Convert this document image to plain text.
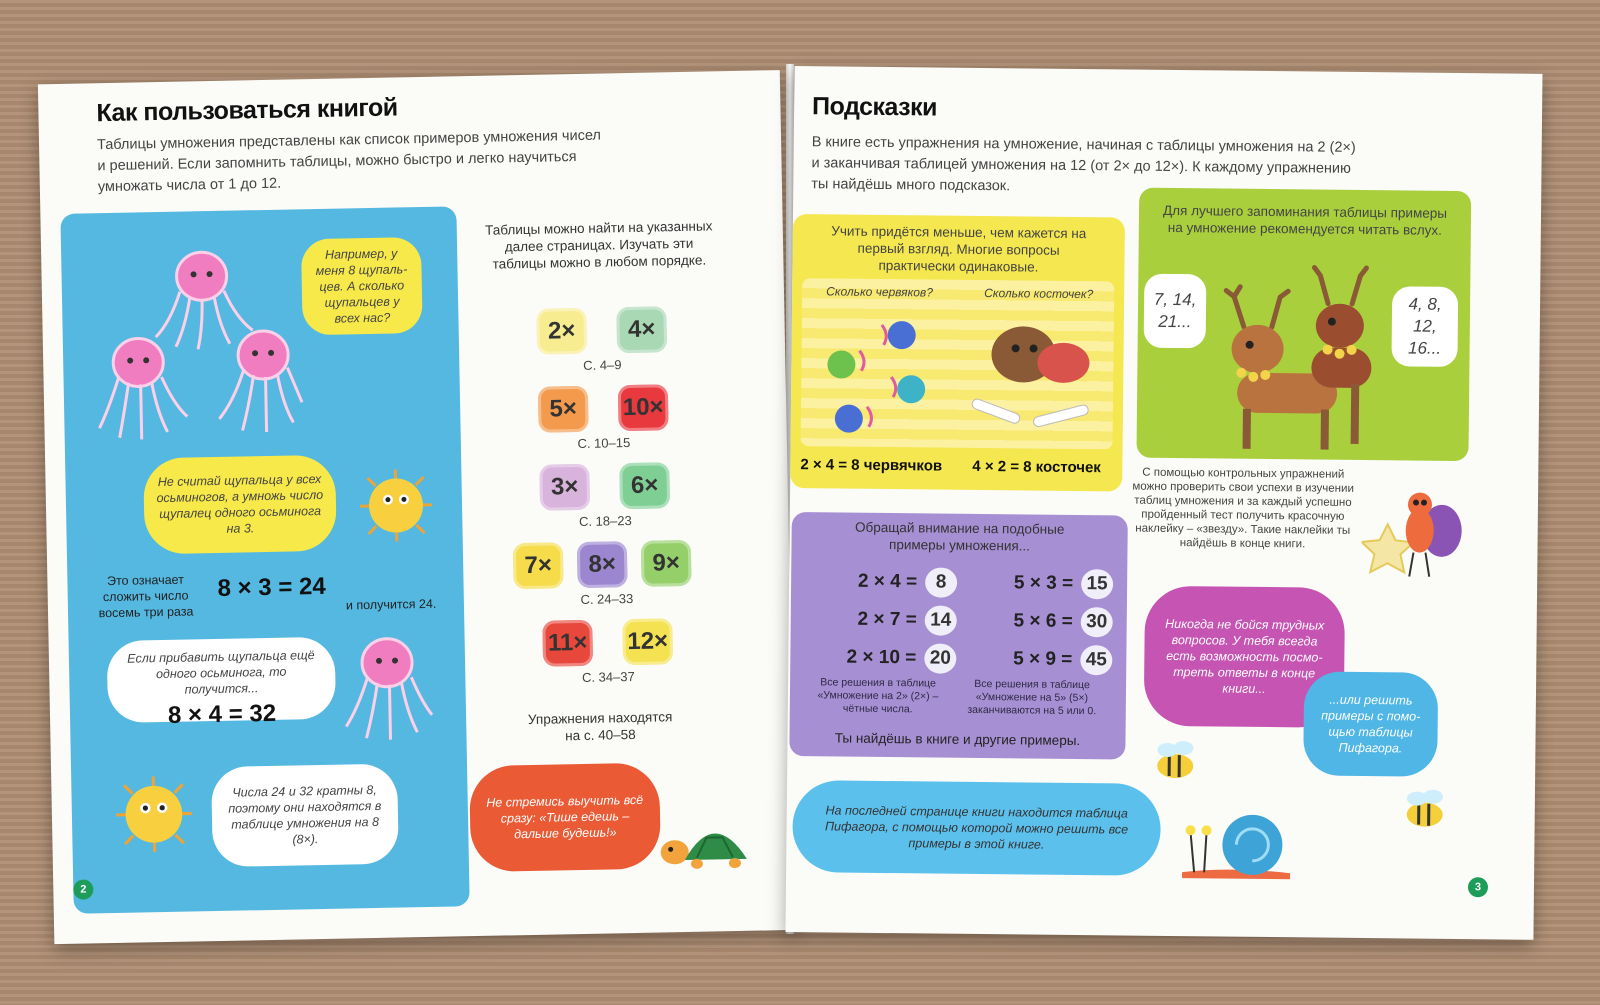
Как пользоваться книгой
Таблицы умножения представлены как список примеров умножения чисел
и решений. Если запомнить таблицы, можно быстро и легко научиться
умножать числа от 1 до 12.
Например, у меня 8 щупаль-цев. А сколько щупальцев у всех нас?
Не считай щупальца у всех осьминогов, а умножь число щупалец одного осьминога на 3.
Это означает сложить число восемь три раза
8 × 3 = 24
и получится 24.
Если прибавить щупальца ещё одного осьминога, то получится...
8 × 4 = 32
Числа 24 и 32 кратны 8, поэтому они находятся в таблице умножения на 8 (8×).
Таблицы можно найти на указанных далее страницах. Изучать эти таблицы можно в любом порядке.
2× 4×
С. 4–9
5× 10×
С. 10–15
3× 6×
С. 18–23
7× 8× 9×
С. 24–33
11× 12×
С. 34–37
Упражнения находятся на с. 40–58
Не стремись выучить всё сразу: «Тише едешь – дальше будешь!»
2
Подсказки
В книге есть упражнения на умножение, начиная с таблицы умножения на 2 (2×)
и заканчивая таблицей умножения на 12 (от 2× до 12×). К каждому упражнению
ты найдёшь много подсказок.
Учить придётся меньше, чем кажется на первый взгляд. Многие вопросы практически одинаковые.
Сколько червяков?	Сколько косточек?
2 × 4 = 8 червячков 4 × 2 = 8 косточек
Для лучшего запоминания таблицы примеры на умножение рекомендуется читать вслух.
7, 14, 21...
4, 8, 12, 16...
С помощью контрольных упражнений можно проверить свои успехи в изучении таблиц умножения и за каждый успешно пройденный тест получить красочную наклейку – «звезду». Такие наклейки ты найдёшь в конце книги.
Обращай внимание на подобные примеры умножения...
2 × 4 = 8
2 × 7 = 14
2 × 10 = 20
5 × 3 = 15
5 × 6 = 30
5 × 9 = 45
Все решения в таблице «Умножение на 2» (2×) – чётные числа.
Все решения в таблице «Умножение на 5» (5×) заканчиваются на 5 или 0.
Ты найдёшь в книге и другие примеры.
Никогда не бойся трудных вопросов. У тебя всегда есть возможность посмо-треть ответы в конце книги...
...или решить примеры с помо-щью таблицы Пифагора.
На последней странице книги находится таблица Пифагора, с помощью которой можно решить все примеры в этой книге.
3
